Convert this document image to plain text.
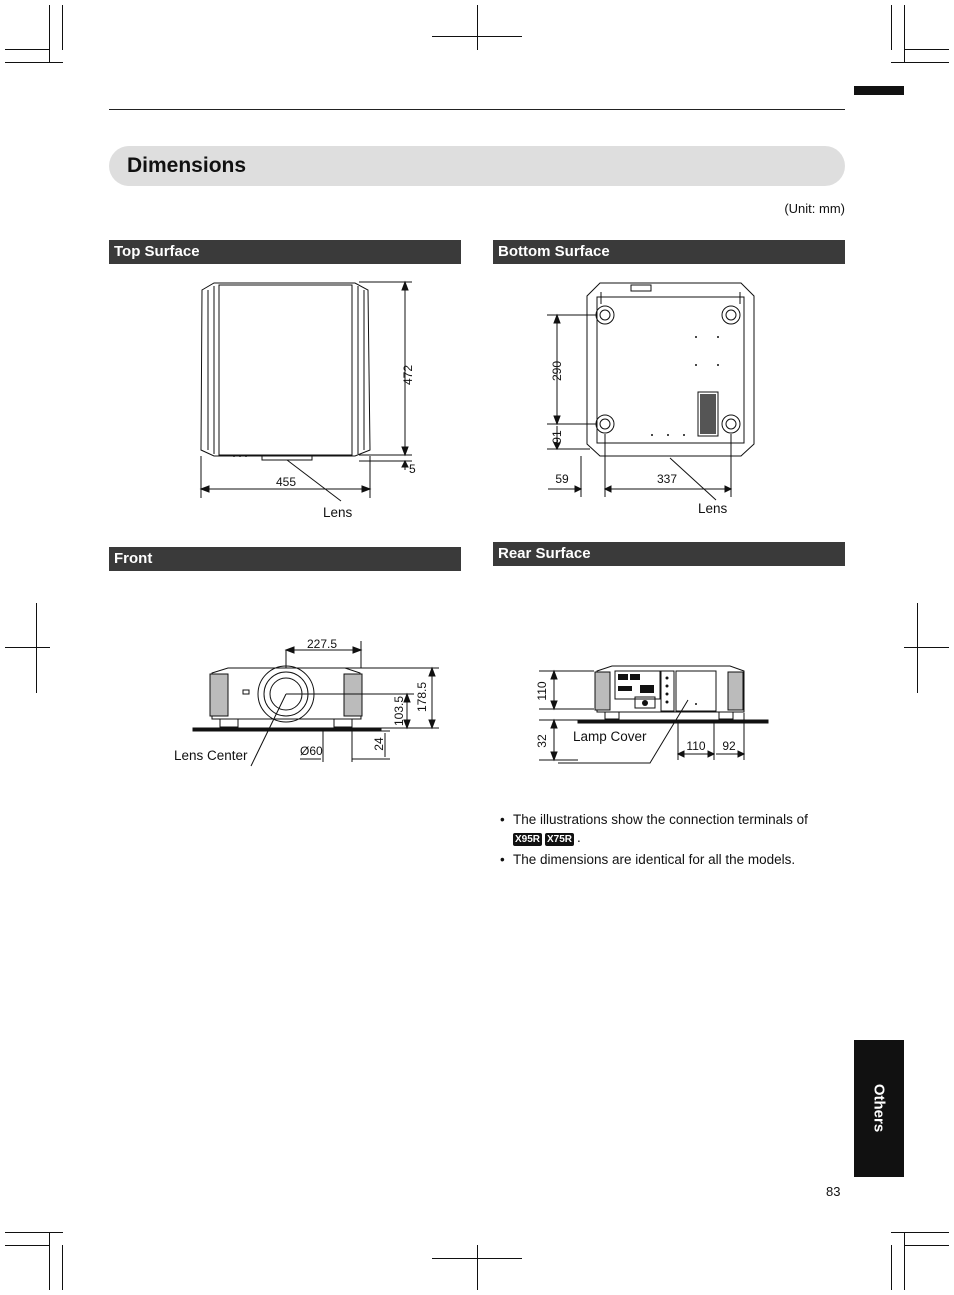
Dimensions
(Unit: mm)
Top Surface	Bottom Surface
Front	Rear Surface
472
5
455
Lens
290
91
59	337
Lens
227.5
103.5 178.5
24
Ø60
Lens Center
110
32 Lamp Cover
110 92
• The illustrations show the connection terminals of
X95R X75R .
• The dimensions are identical for all the models.
Others
83
